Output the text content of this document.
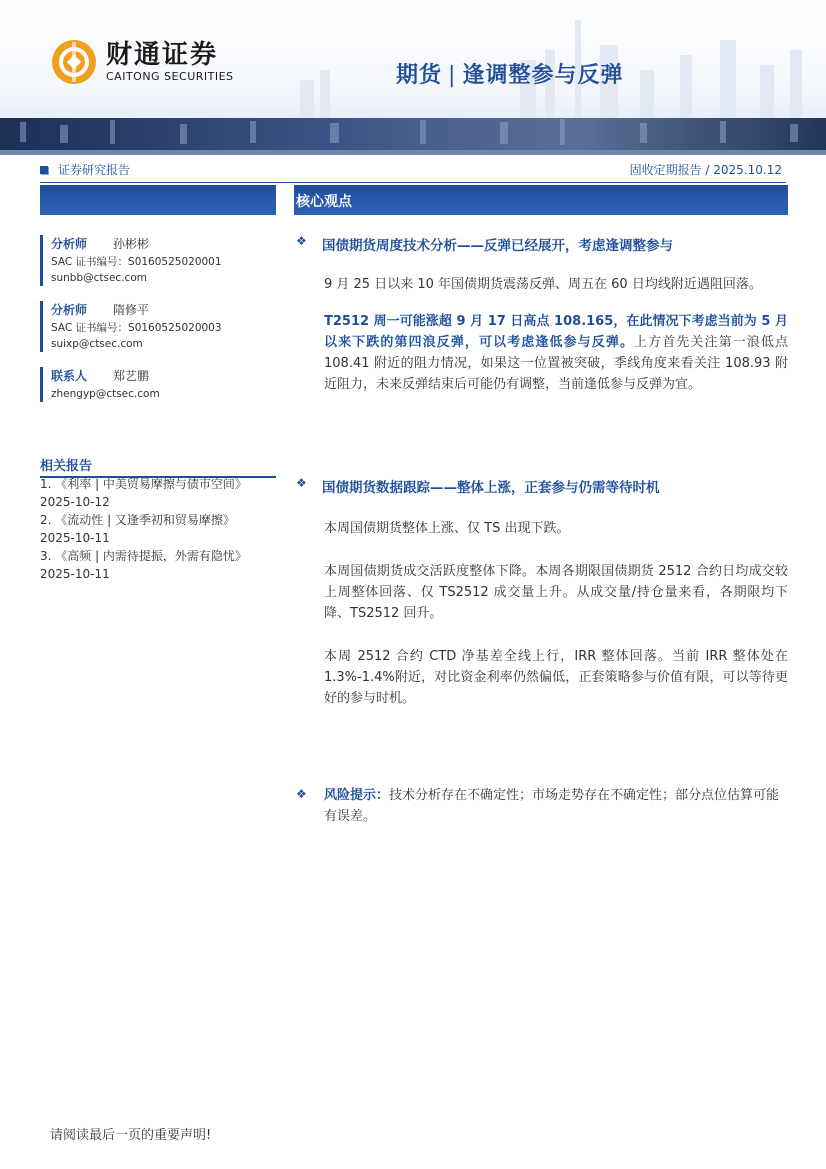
财通证券
CAITONG SECURITIES	期货 | 逢调整参与反弹
证券研究报告	固收定期报告 / 2025.10.12
分析师	孙彬彬
SAC 证书编号：S0160525020001
sunbb@ctsec.com
分析师	隋修平
SAC 证书编号：S0160525020003
suixp@ctsec.com
联系人	郑艺鹏
zhengyp@ctsec.com
相关报告
1. 《利率 | 中美贸易摩擦与债市空间》
2025-10-12
2. 《流动性 | 又逢季初和贸易摩擦》
2025-10-11
3. 《高频 | 内需待提振，外需有隐忧》
2025-10-11
核心观点
❖	国债期货周度技术分析——反弹已经展开，考虑逢调整参与
9 月 25 日以来 10 年国债期货震荡反弹、周五在 60 日均线附近遇阻回落。
T2512 周一可能涨超 9 月 17 日高点 108.165，在此情况下考虑当前为 5 月以来下跌的第四浪反弹，可以考虑逢低参与反弹。上方首先关注第一浪低点 108.41 附近的阻力情况，如果这一位置被突破，季线角度来看关注 108.93 附近阻力，未来反弹结束后可能仍有调整，当前逢低参与反弹为宜。
❖	国债期货数据跟踪——整体上涨，正套参与仍需等待时机
本周国债期货整体上涨、仅 TS 出现下跌。
本周国债期货成交活跃度整体下降。本周各期限国债期货 2512 合约日均成交较上周整体回落、仅 TS2512 成交量上升。从成交量/持仓量来看，各期限均下降、TS2512 回升。
本周 2512 合约 CTD 净基差全线上行，IRR 整体回落。当前 IRR 整体处在 1.3%-1.4%附近，对比资金利率仍然偏低，正套策略参与价值有限，可以等待更好的参与时机。
❖	风险提示：技术分析存在不确定性；市场走势存在不确定性；部分点位估算可能有误差。
请阅读最后一页的重要声明!
